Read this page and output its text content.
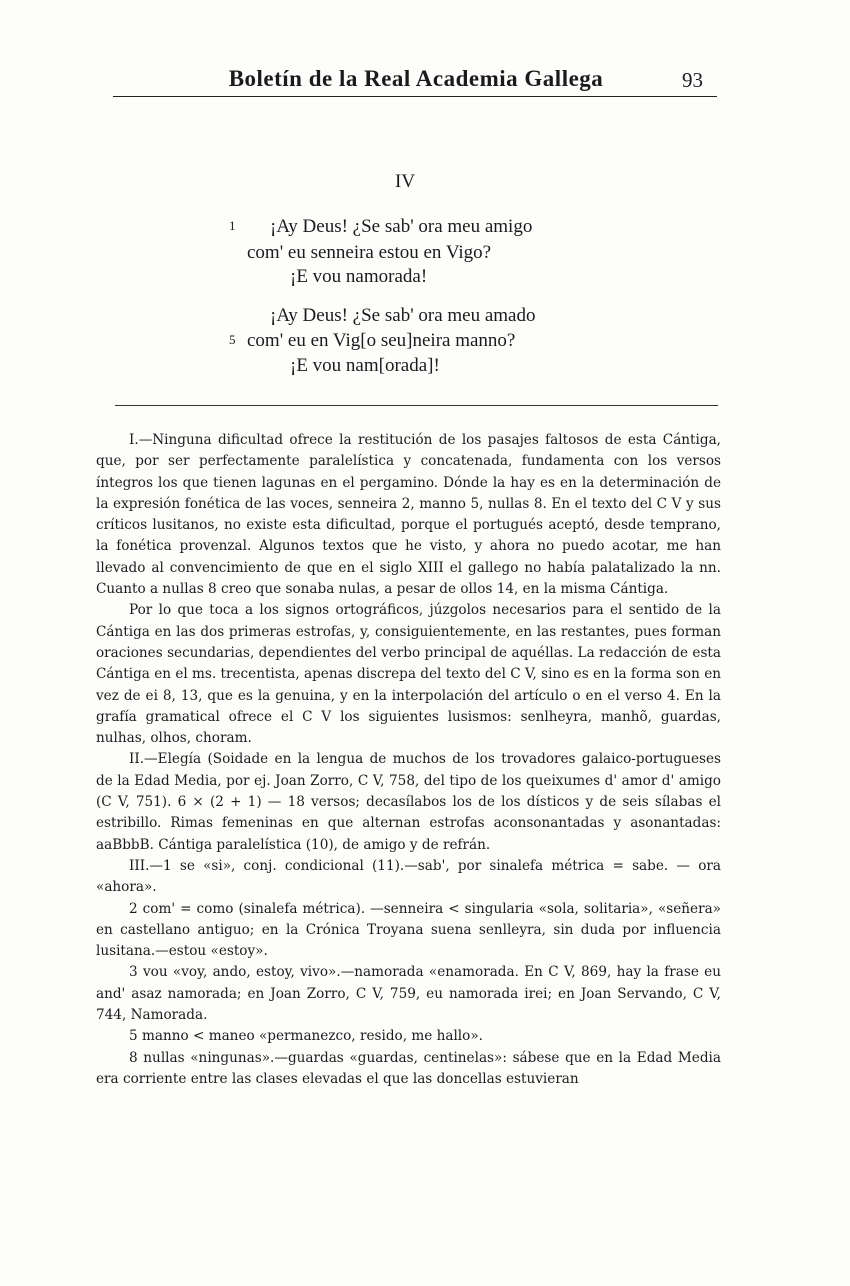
Boletín de la Real Academia Gallega	93
IV
1 ¡Ay Deus! ¿Se sab' ora meu amigo
com' eu senneira estou en Vigo?
¡E vou namorada!
¡Ay Deus! ¿Se sab' ora meu amado
5 com' eu en Vig[o seu]neira manno?
¡E vou nam[orada]!

I.—Ninguna dificultad ofrece la restitución de los pasajes faltosos de esta Cántiga, que, por ser perfectamente paralelística y concatenada, fundamenta con los versos íntegros los que tienen lagunas en el pergamino. Dónde la hay es en la determinación de la expresión fonética de las voces, senneira 2, manno 5, nullas 8. En el texto del C V y sus críticos lusitanos, no existe esta dificultad, porque el portugués aceptó, desde temprano, la fonética provenzal. Algunos textos que he visto, y ahora no puedo acotar, me han llevado al convencimiento de que en el siglo XIII el gallego no había palatalizado la nn. Cuanto a nullas 8 creo que sonaba nulas, a pesar de ollos 14, en la misma Cántiga.

Por lo que toca a los signos ortográficos, júzgolos necesarios para el sentido de la Cántiga en las dos primeras estrofas, y, consiguientemente, en las restantes, pues forman oraciones secundarias, dependientes del verbo principal de aquéllas. La redacción de esta Cántiga en el ms. trecentista, apenas discrepa del texto del C V, sino es en la forma son en vez de ei 8, 13, que es la genuina, y en la interpolación del artículo o en el verso 4. En la grafía gramatical ofrece el C V los siguientes lusismos: senlheyra, manhõ, guardas, nulhas, olhos, choram.

II.—Elegía (Soidade en la lengua de muchos de los trovadores galaico-portugueses de la Edad Media, por ej. Joan Zorro, C V, 758, del tipo de los queixumes d' amor d' amigo (C V, 751). 6 × (2 + 1) — 18 versos; decasílabos los de los dísticos y de seis sílabas el estribillo. Rimas femeninas en que alternan estrofas aconsonantadas y asonantadas: aaBbbB. Cántiga paralelística (10), de amigo y de refrán.

III.—1 se «si», conj. condicional (11).—sab', por sinalefa métrica = sabe. — ora «ahora».

2 com' = como (sinalefa métrica). —senneira < singularia «sola, solitaria», «señera» en castellano antiguo; en la Crónica Troyana suena senlleyra, sin duda por influencia lusitana.—estou «estoy».

3 vou «voy, ando, estoy, vivo».—namorada «enamorada. En C V, 869, hay la frase eu and' asaz namorada; en Joan Zorro, C V, 759, eu namorada irei; en Joan Servando, C V, 744, Namorada.

5 manno < maneo «permanezco, resido, me hallo».

8 nullas «ningunas».—guardas «guardas, centinelas»: sábese que en la Edad Media era corriente entre las clases elevadas el que las doncellas estuvieran
